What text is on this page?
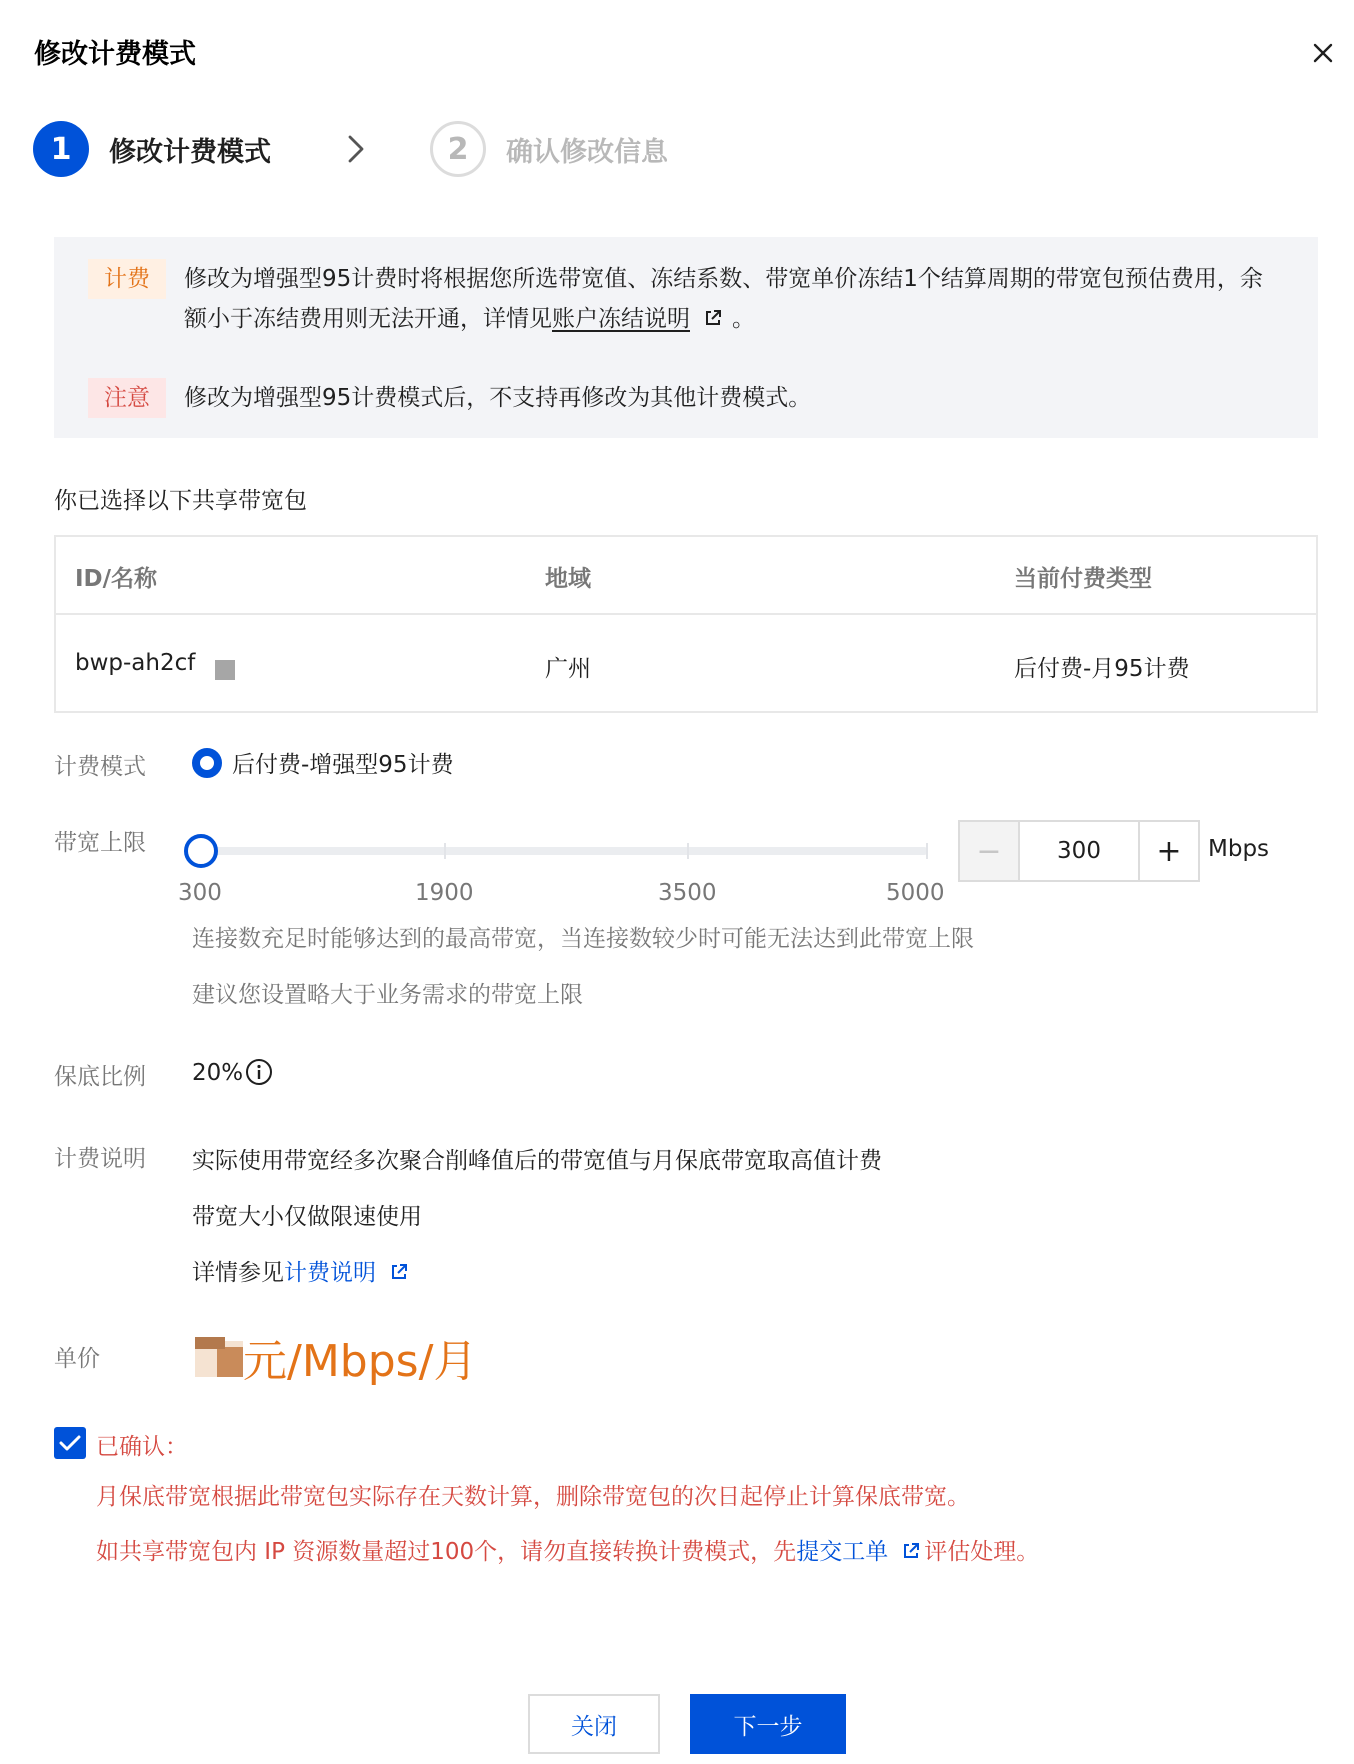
修改计费模式
1	修改计费模式	2	确认修改信息
计费	修改为增强型95计费时将根据您所选带宽值、冻结系数、带宽单价冻结1个结算周期的带宽包预估费用，余额小于冻结费用则无法开通，详情见账户冻结说明 。
注意	修改为增强型95计费模式后，不支持再修改为其他计费模式。
你已选择以下共享带宽包
ID/名称	地域	当前付费类型
bwp-ah2cf	广州	后付费-月95计费
计费模式	后付费-增强型95计费
带宽上限
300	1900	3500	5000
−
300	+	Mbps
连接数充足时能够达到的最高带宽，当连接数较少时可能无法达到此带宽上限
建议您设置略大于业务需求的带宽上限
保底比例 20%
计费说明 实际使用带宽经多次聚合削峰值后的带宽值与月保底带宽取高值计费
带宽大小仅做限速使用
详情参见计费说明
单价	元/Mbps/月
已确认：
月保底带宽根据此带宽包实际存在天数计算，删除带宽包的次日起停止计算保底带宽。
如共享带宽包内 IP 资源数量超过100个，请勿直接转换计费模式，先提交工单 评估处理。
关闭	下一步
